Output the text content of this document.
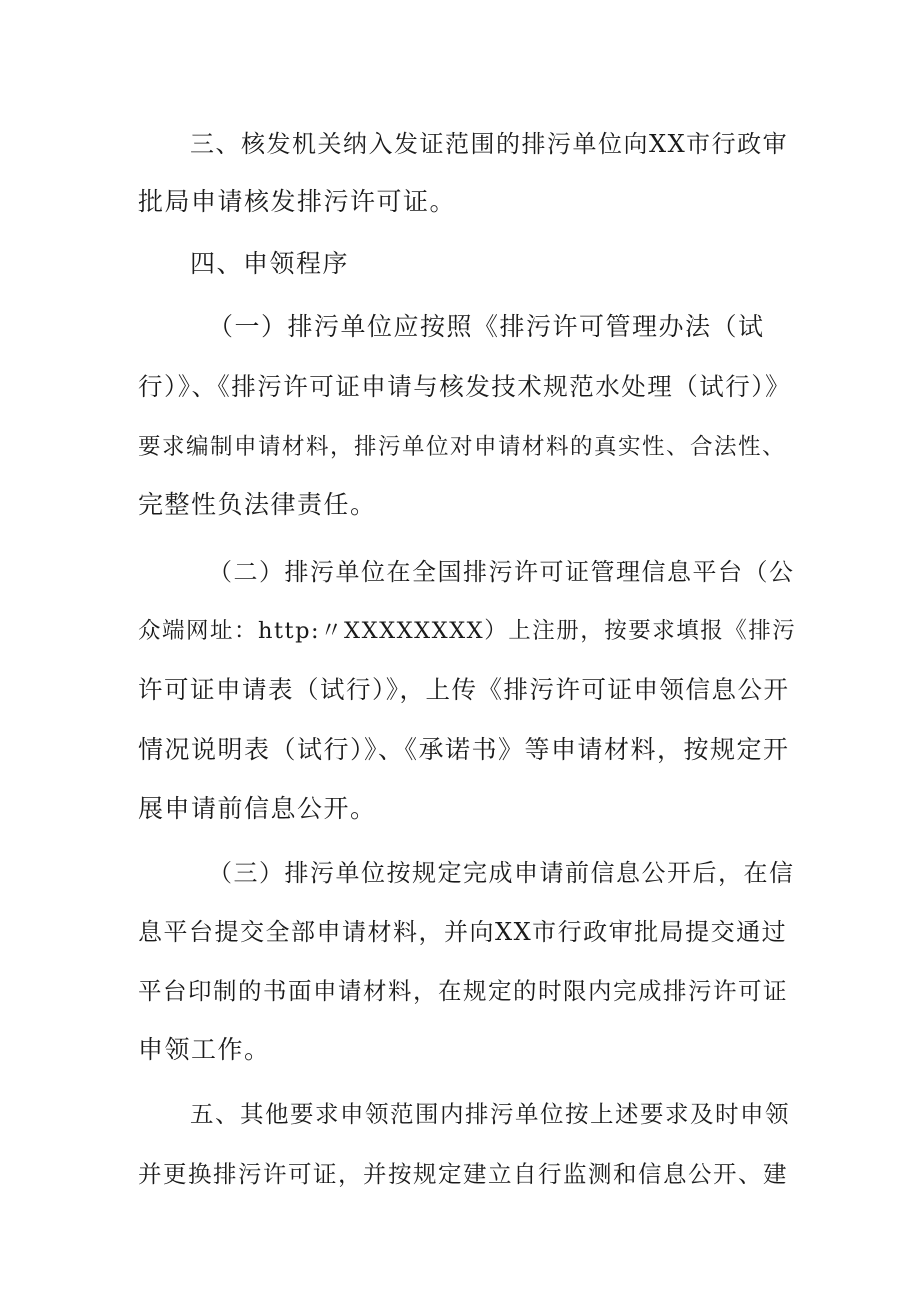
三、核发机关纳入发证范围的排污单位向XX市行政审
批局申请核发排污许可证。
四、申领程序
（一）排污单位应按照《排污许可管理办法（试
行）》、《排污许可证申请与核发技术规范水处理（试行）》
要求编制申请材料，排污单位对申请材料的真实性、合法性、
完整性负法律责任。
（二）排污单位在全国排污许可证管理信息平台（公
众端网址：http:〃XXXXXXXX）上注册，按要求填报《排污
许可证申请表（试行）》，上传《排污许可证申领信息公开
情况说明表（试行）》、《承诺书》等申请材料，按规定开
展申请前信息公开。
（三）排污单位按规定完成申请前信息公开后，在信
息平台提交全部申请材料，并向XX市行政审批局提交通过
平台印制的书面申请材料，在规定的时限内完成排污许可证
申领工作。
五、其他要求申领范围内排污单位按上述要求及时申领
并更换排污许可证，并按规定建立自行监测和信息公开、建
